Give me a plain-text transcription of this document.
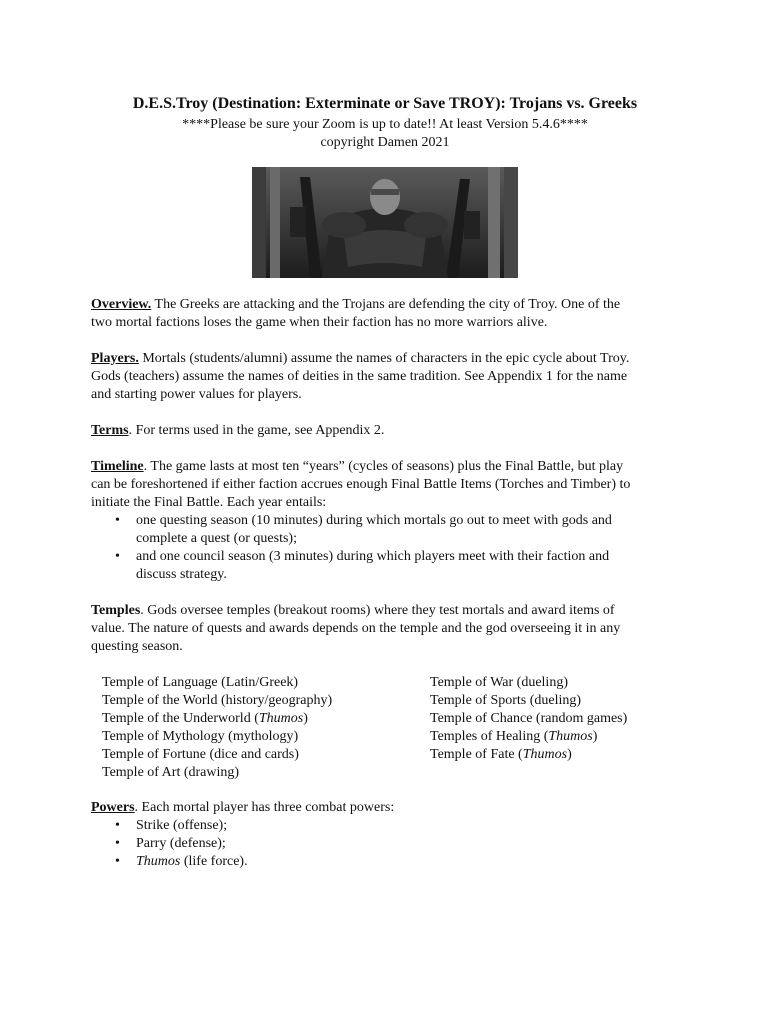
D.E.S.Troy (Destination: Exterminate or Save TROY): Trojans vs. Greeks
****Please be sure your Zoom is up to date!! At least Version 5.4.6****
copyright Damen 2021
Overview. The Greeks are attacking and the Trojans are defending the city of Troy. One of the
two mortal factions loses the game when their faction has no more warriors alive.
Players. Mortals (students/alumni) assume the names of characters in the epic cycle about Troy.
Gods (teachers) assume the names of deities in the same tradition. See Appendix 1 for the name
and starting power values for players.
Terms. For terms used in the game, see Appendix 2.
Timeline. The game lasts at most ten “years” (cycles of seasons) plus the Final Battle, but play
can be foreshortened if either faction accrues enough Final Battle Items (Torches and Timber) to
initiate the Final Battle. Each year entails:
• one questing season (10 minutes) during which mortals go out to meet with gods and
complete a quest (or quests);
• and one council season (3 minutes) during which players meet with their faction and
discuss strategy.
Temples. Gods oversee temples (breakout rooms) where they test mortals and award items of
value. The nature of quests and awards depends on the temple and the god overseeing it in any
questing season.
Temple of Language (Latin/Greek)
Temple of the World (history/geography)
Temple of the Underworld (Thumos)
Temple of Mythology (mythology)
Temple of Fortune (dice and cards)
Temple of Art (drawing)
Temple of War (dueling)
Temple of Sports (dueling)
Temple of Chance (random games)
Temples of Healing (Thumos)
Temple of Fate (Thumos)
Powers. Each mortal player has three combat powers:
• Strike (offense);
• Parry (defense);
• Thumos (life force).
